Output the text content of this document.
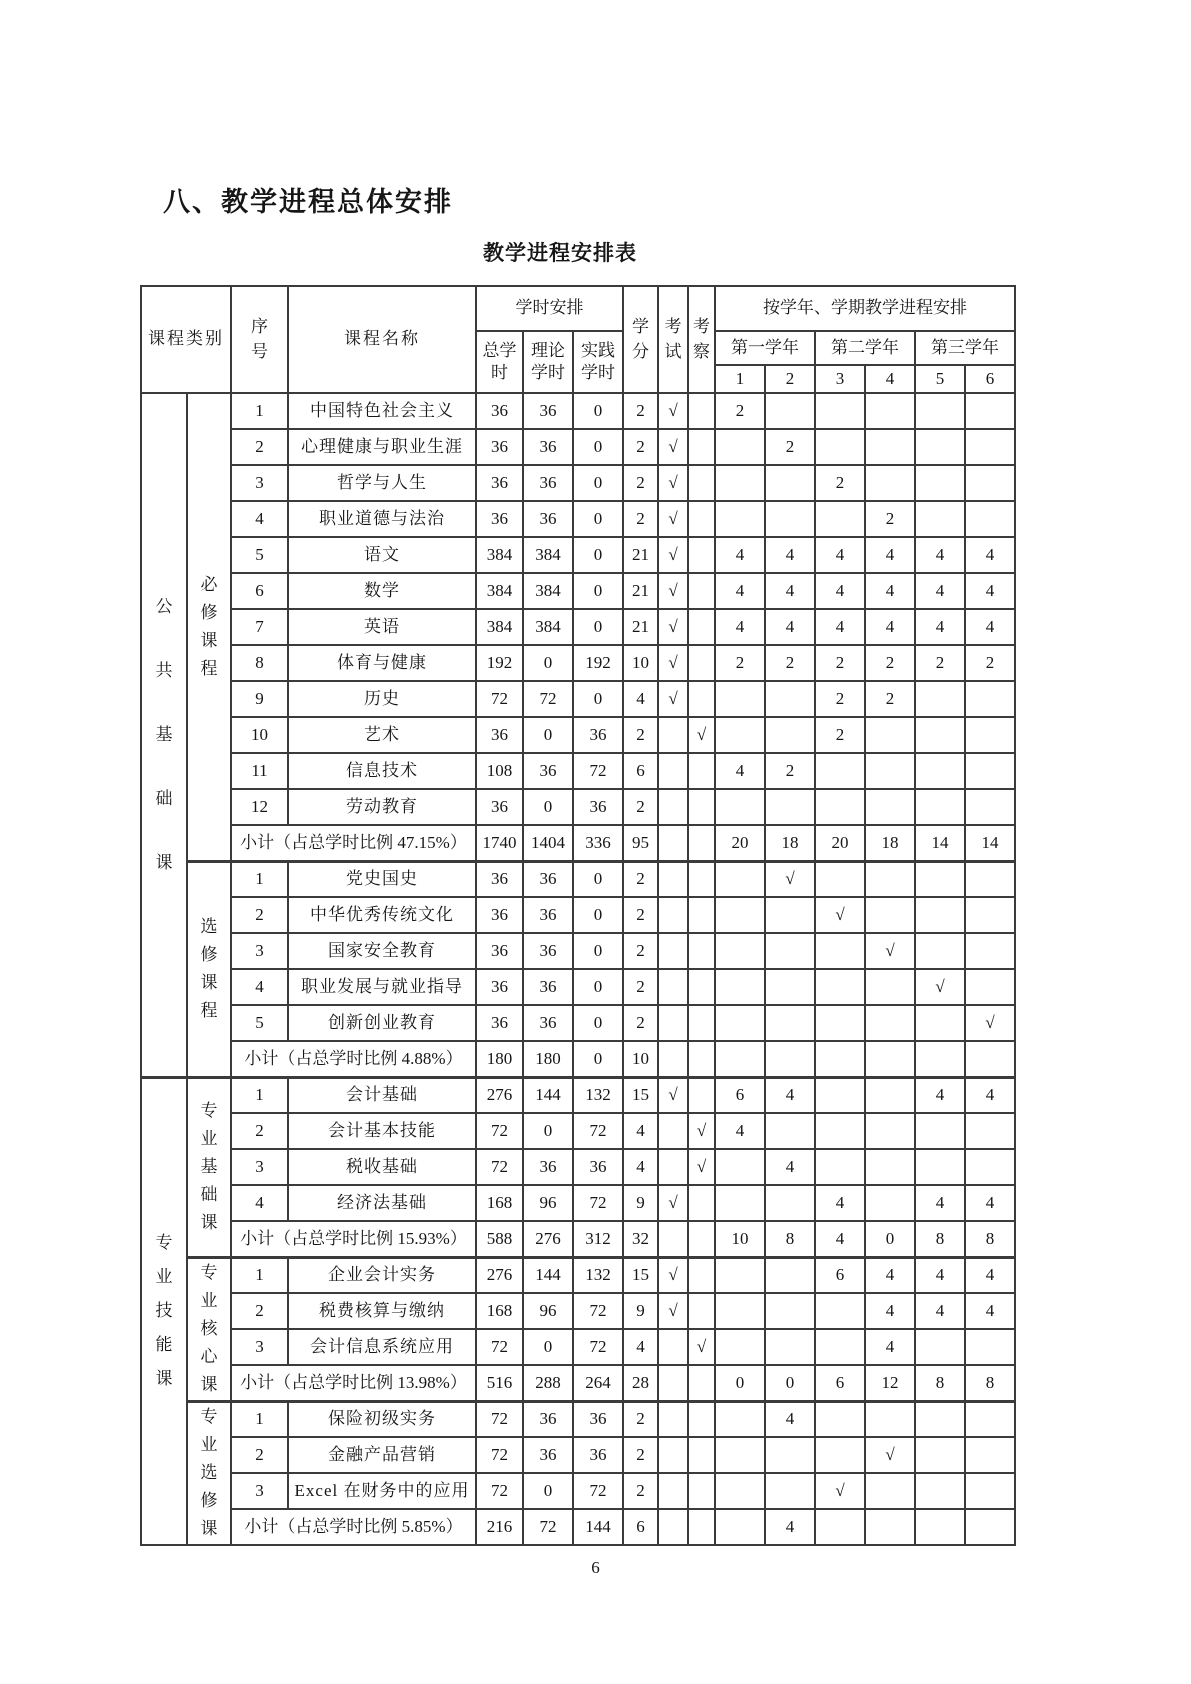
八、教学进程总体安排
教学进程安排表
课程类别		序号	课程名称	学时安排			学分	考试	考察	按学年、学期教学进程安排					
				总学时	理论学时	实践学时				第一学年		第二学年		第三学年	
										1	2	3	4	5	6
公共基础课	必修课程	1	中国特色社会主义	36	36	0	2	√		2					
		2	心理健康与职业生涯	36	36	0	2	√			2				
		3	哲学与人生	36	36	0	2	√				2			
		4	职业道德与法治	36	36	0	2	√					2		
		5	语文	384	384	0	21	√		4	4	4	4	4	4
		6	数学	384	384	0	21	√		4	4	4	4	4	4
		7	英语	384	384	0	21	√		4	4	4	4	4	4
		8	体育与健康	192	0	192	10	√		2	2	2	2	2	2
		9	历史	72	72	0	4	√				2	2		
		10	艺术	36	0	36	2		√			2			
		11	信息技术	108	36	72	6			4	2				
		12	劳动教育	36	0	36	2								
		小计（占总学时比例 47.15%）		1740	1404	336	95			20	18	20	18	14	14
	选修课程	1	党史国史	36	36	0	2				√				
		2	中华优秀传统文化	36	36	0	2					√			
		3	国家安全教育	36	36	0	2						√		
		4	职业发展与就业指导	36	36	0	2							√	
		5	创新创业教育	36	36	0	2								√
		小计（占总学时比例 4.88%）		180	180	0	10								
专业技能课	专业基础课	1	会计基础	276	144	132	15	√		6	4			4	4
		2	会计基本技能	72	0	72	4		√	4					
		3	税收基础	72	36	36	4		√		4				
		4	经济法基础	168	96	72	9	√				4		4	4
		小计（占总学时比例 15.93%）		588	276	312	32			10	8	4	0	8	8
	专业核心课	1	企业会计实务	276	144	132	15	√				6	4	4	4
		2	税费核算与缴纳	168	96	72	9	√					4	4	4
		3	会计信息系统应用	72	0	72	4		√				4		
		小计（占总学时比例 13.98%）		516	288	264	28			0	0	6	12	8	8
	专业选修课	1	保险初级实务	72	36	36	2				4				
		2	金融产品营销	72	36	36	2						√		
		3	Excel 在财务中的应用	72	0	72	2					√			
		小计（占总学时比例 5.85%）		216	72	144	6				4				
6
